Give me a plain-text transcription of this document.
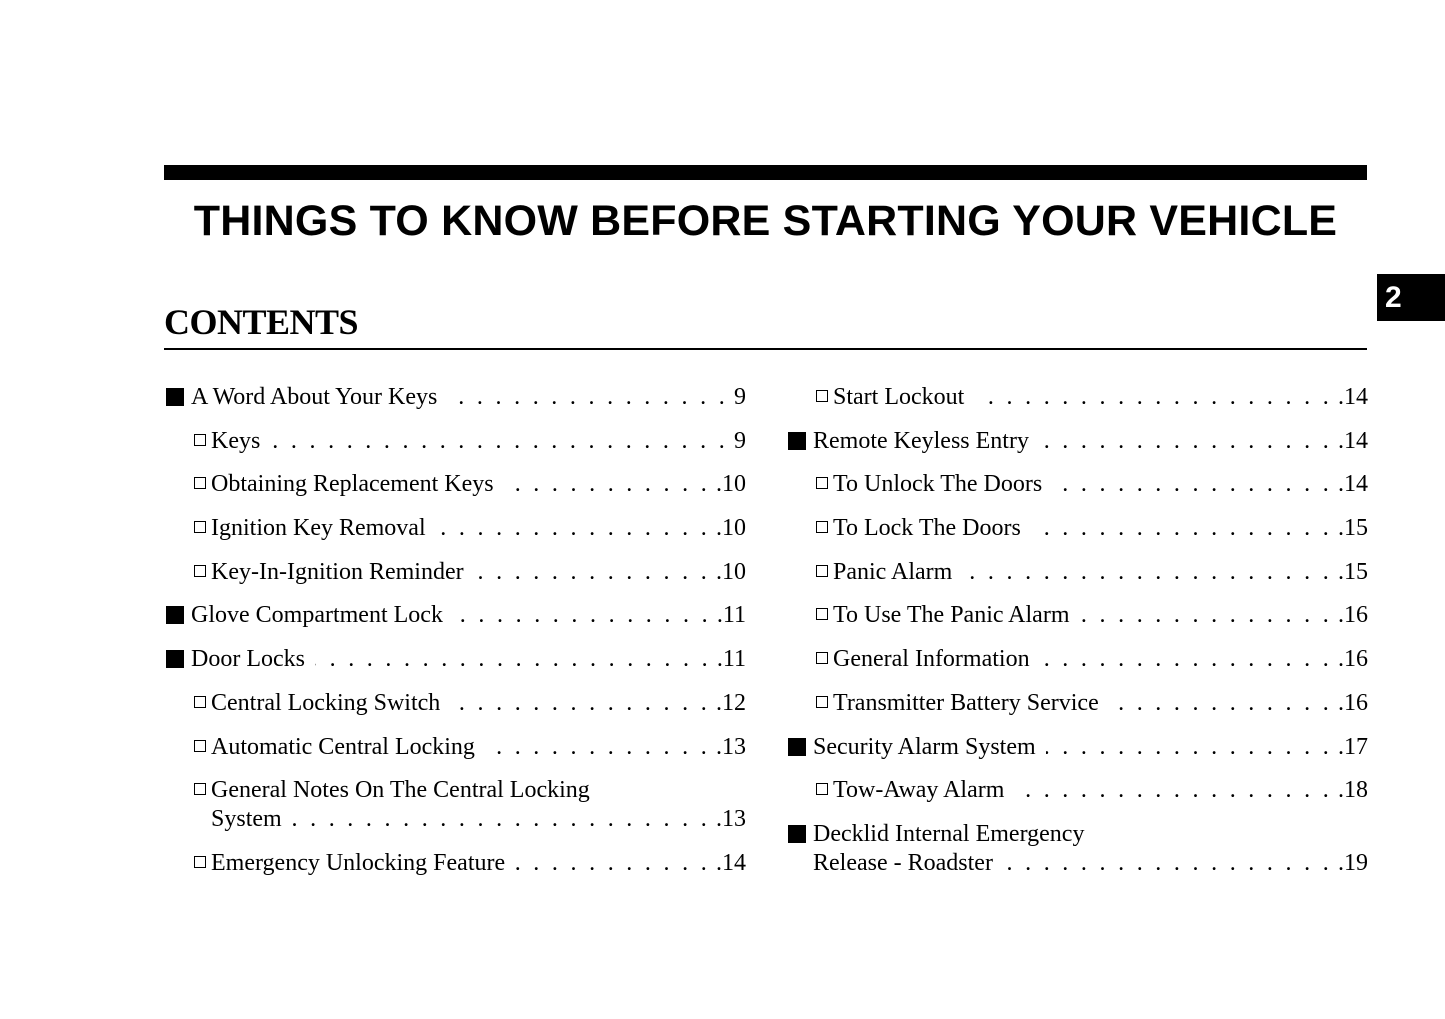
THINGS TO KNOW BEFORE STARTING YOUR VEHICLE
2
CONTENTS
A Word About Your Keys . . .	9
Keys . . .	9
Obtaining Replacement Keys . . .	.10
Ignition Key Removal . . .	.10
Key-In-Ignition Reminder . . .	.10
Glove Compartment Lock . . .	.11
Door Locks . . .	.11
Central Locking Switch . . .	.12
Automatic Central Locking . . .	.13
General Notes On The Central Locking
System . . .	.13
Emergency Unlocking Feature . . .	.14
Start Lockout . . .	.14
Remote Keyless Entry . . .	.14
To Unlock The Doors . . .	.14
To Lock The Doors . . .	.15
Panic Alarm . . .	.15
To Use The Panic Alarm . . .	.16
General Information . . .	.16
Transmitter Battery Service . . .	.16
Security Alarm System . . .	.17
Tow-Away Alarm . . .	.18
Decklid Internal Emergency
Release - Roadster . . .	.19
